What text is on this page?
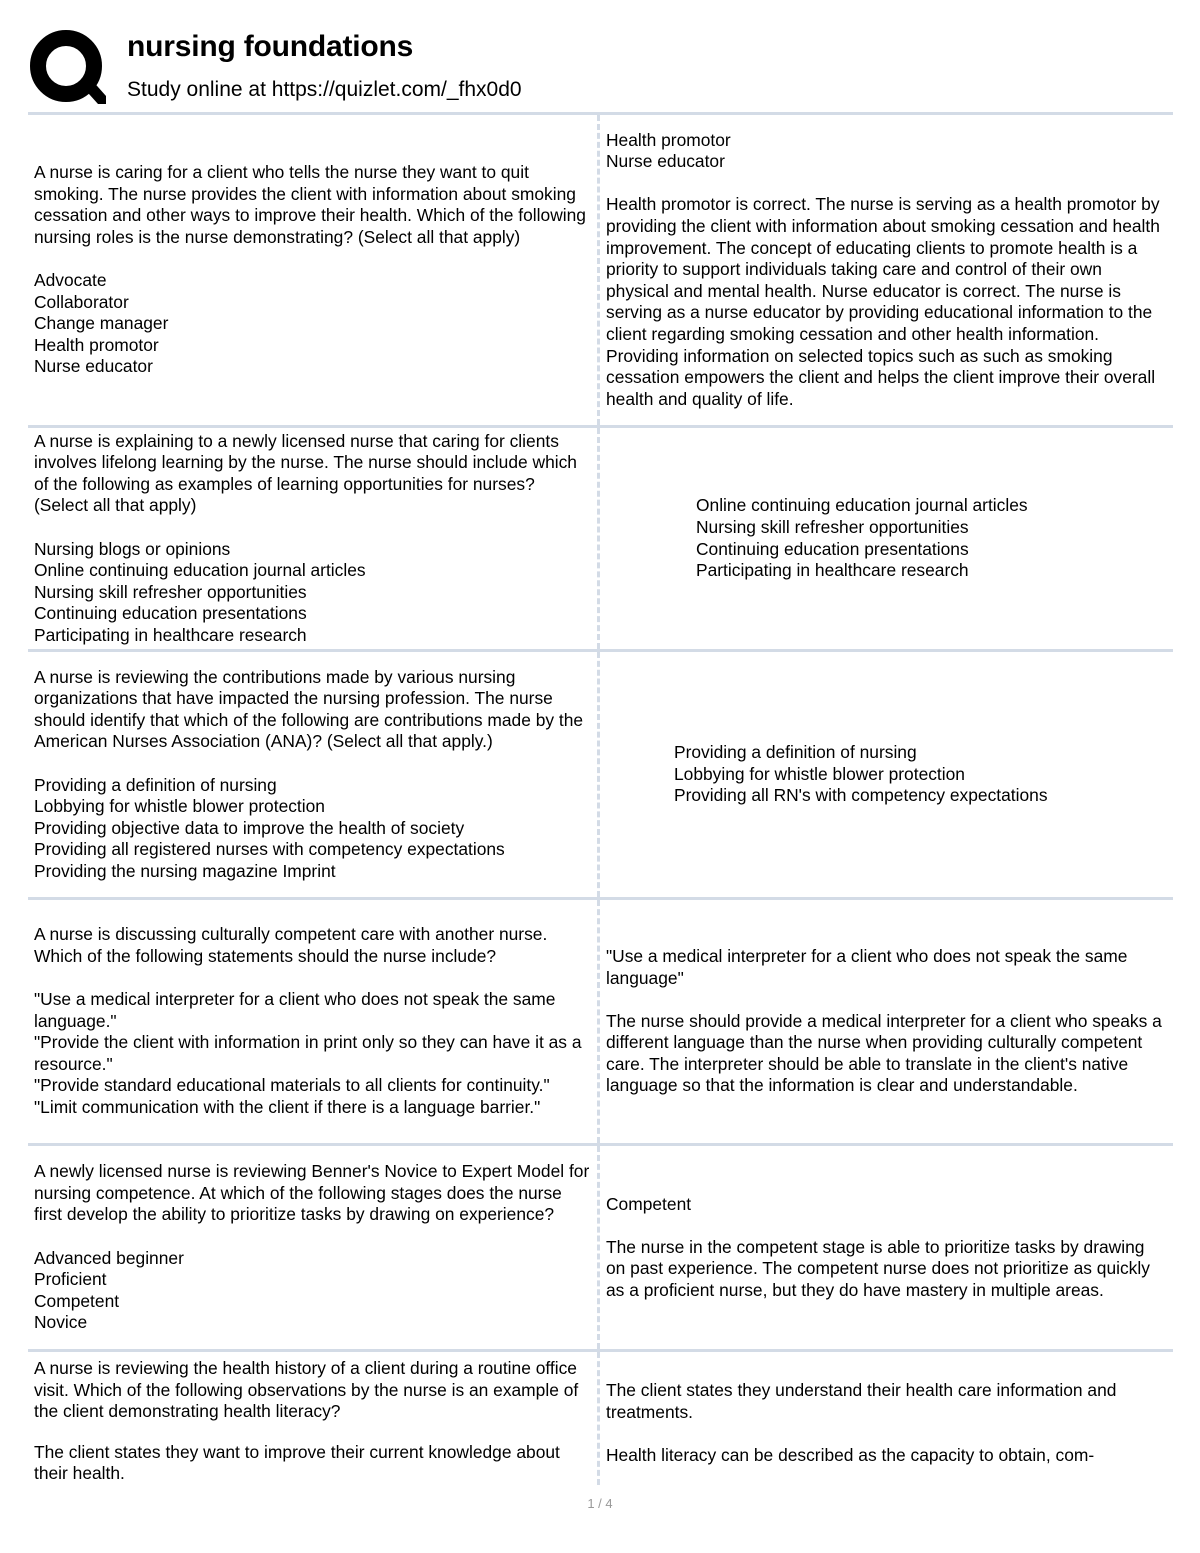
nursing foundations
Study online at https://quizlet.com/_fhx0d0
A nurse is caring for a client who tells the nurse they want to quit smoking. The nurse provides the client with information about smoking cessation and other ways to improve their health. Which of the following nursing roles is the nurse demonstrating? (Select all that apply)
Advocate
Collaborator
Change manager
Health promotor
Nurse educator
Health promotor
Nurse educator
Health promotor is correct. The nurse is serving as a health promotor by providing the client with information about smoking cessation and health improvement. The concept of educating clients to promote health is a priority to support individuals taking care and control of their own physical and mental health. Nurse educator is correct. The nurse is serving as a nurse educator by providing educational information to the client regarding smoking cessation and other health information. Providing information on selected topics such as such as smoking cessation empowers the client and helps the client improve their overall health and quality of life.
A nurse is explaining to a newly licensed nurse that caring for clients involves lifelong learning by the nurse. The nurse should include which of the following as examples of learning opportunities for nurses? (Select all that apply)
Nursing blogs or opinions
Online continuing education journal articles
Nursing skill refresher opportunities
Continuing education presentations
Participating in healthcare research
Online continuing education journal articles
Nursing skill refresher opportunities
Continuing education presentations
Participating in healthcare research
A nurse is reviewing the contributions made by various nursing organizations that have impacted the nursing profession. The nurse should identify that which of the following are contributions made by the American Nurses Association (ANA)? (Select all that apply.)
Providing a definition of nursing
Lobbying for whistle blower protection
Providing objective data to improve the health of society
Providing all registered nurses with competency expectations
Providing the nursing magazine Imprint
Providing a definition of nursing
Lobbying for whistle blower protection
Providing all RN's with competency expectations
A nurse is discussing culturally competent care with another nurse. Which of the following statements should the nurse include?
"Use a medical interpreter for a client who does not speak the same language."
"Provide the client with information in print only so they can have it as a resource."
"Provide standard educational materials to all clients for continuity."
"Limit communication with the client if there is a language barrier."
"Use a medical interpreter for a client who does not speak the same language"
The nurse should provide a medical interpreter for a client who speaks a different language than the nurse when providing culturally competent care. The interpreter should be able to translate in the client's native language so that the information is clear and understandable.
A newly licensed nurse is reviewing Benner's Novice to Expert Model for nursing competence. At which of the following stages does the nurse first develop the ability to prioritize tasks by drawing on experience?
Advanced beginner
Proficient
Competent
Novice
Competent
The nurse in the competent stage is able to prioritize tasks by drawing on past experience. The competent nurse does not prioritize as quickly as a proficient nurse, but they do have mastery in multiple areas.
A nurse is reviewing the health history of a client during a routine office visit. Which of the following observations by the nurse is an example of the client demonstrating health literacy?
The client states they want to improve their current knowledge about their health.
The client states they understand their health care information and treatments.
Health literacy can be described as the capacity to obtain, com-
1 / 4
